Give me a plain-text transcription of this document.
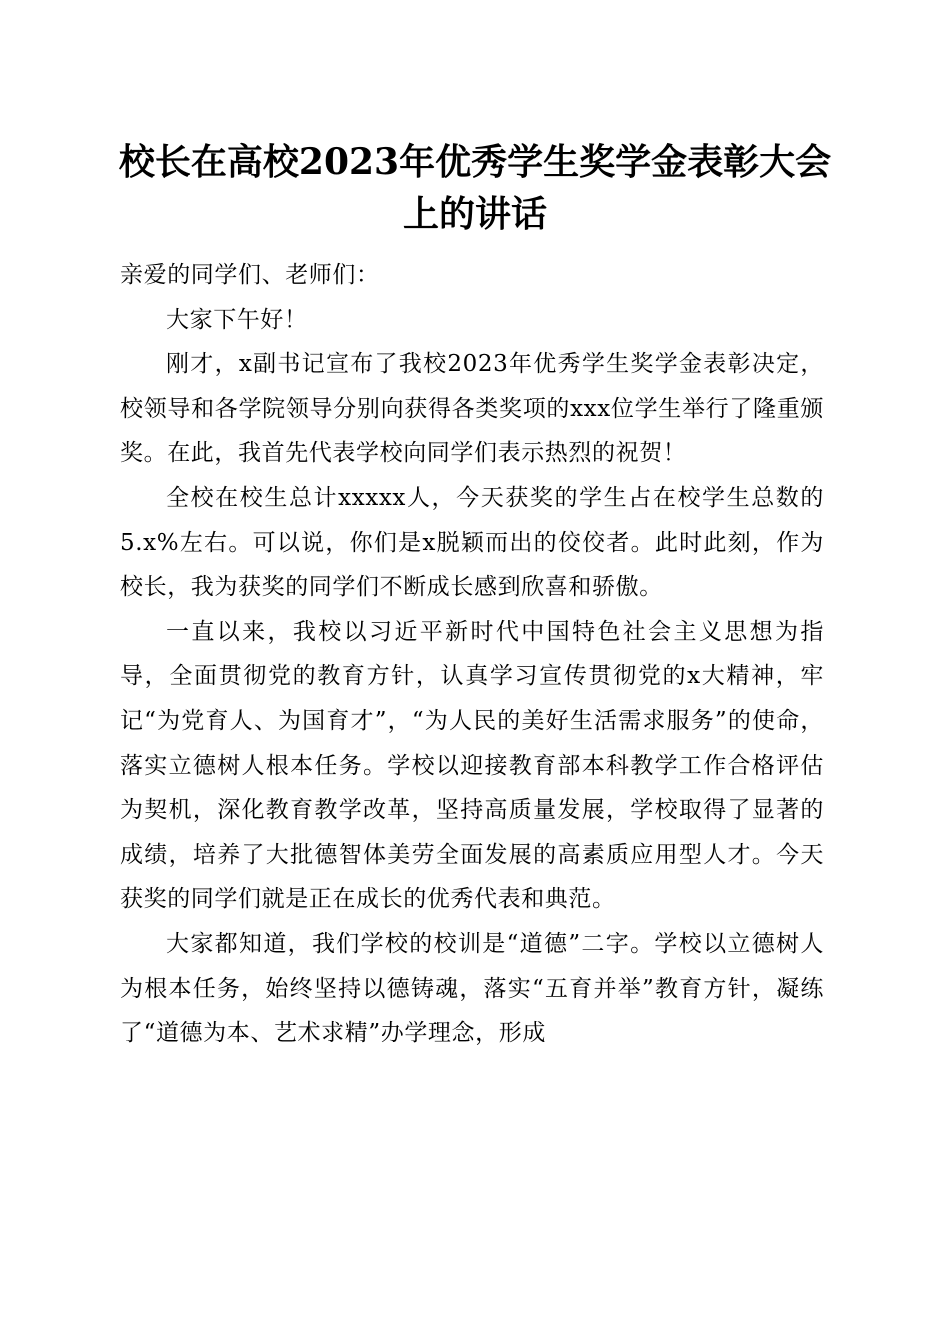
校长在高校2023年优秀学生奖学金表彰大会
上的讲话

亲爱的同学们、老师们：

大家下午好！

刚才，x副书记宣布了我校2023年优秀学生奖学金表彰决定，校领导和各学院领导分别向获得各类奖项的xxx位学生举行了隆重颁奖。在此，我首先代表学校向同学们表示热烈的祝贺！

全校在校生总计xxxxx人，今天获奖的学生占在校学生总数的5.x%左右。可以说，你们是x脱颖而出的佼佼者。此时此刻，作为校长，我为获奖的同学们不断成长感到欣喜和骄傲。

一直以来，我校以习近平新时代中国特色社会主义思想为指导，全面贯彻党的教育方针，认真学习宣传贯彻党的x大精神，牢记“为党育人、为国育才”，“为人民的美好生活需求服务”的使命，落实立德树人根本任务。学校以迎接教育部本科教学工作合格评估为契机，深化教育教学改革，坚持高质量发展，学校取得了显著的成绩，培养了大批德智体美劳全面发展的高素质应用型人才。今天获奖的同学们就是正在成长的优秀代表和典范。

大家都知道，我们学校的校训是“道德”二字。学校以立德树人为根本任务，始终坚持以德铸魂，落实“五育并举”教育方针，凝练了“道德为本、艺术求精”办学理念，形成
